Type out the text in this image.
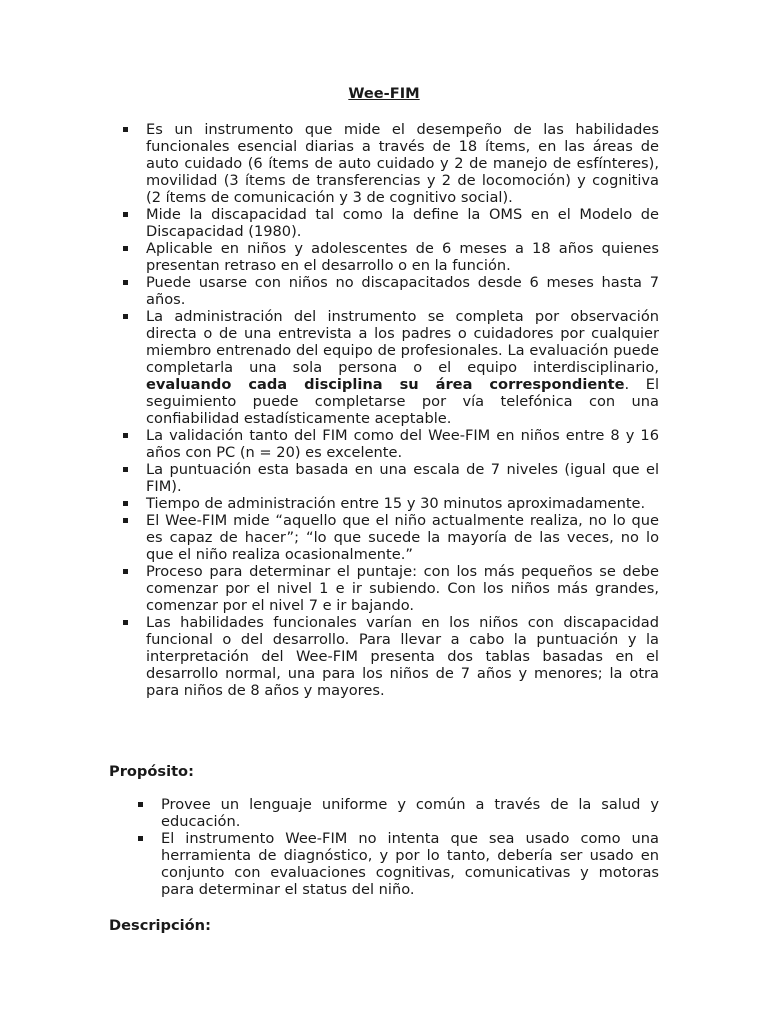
Wee-FIM
Es un instrumento que mide el desempeño de las habilidades funcionales esencial diarias a través de 18 ítems, en las áreas de auto cuidado (6 ítems de auto cuidado y 2 de manejo de esfínteres), movilidad (3 ítems de transferencias y 2 de locomoción) y cognitiva (2 ítems de comunicación y 3 de cognitivo social).
Mide la discapacidad tal como la define la OMS en el Modelo de Discapacidad (1980).
Aplicable en niños y adolescentes de 6 meses a 18 años quienes presentan retraso en el desarrollo o en la función.
Puede usarse con niños no discapacitados desde 6 meses hasta 7 años.
La administración del instrumento se completa por observación directa o de una entrevista a los padres o cuidadores por cualquier miembro entrenado del equipo de profesionales. La evaluación puede completarla una sola persona o el equipo interdisciplinario, evaluando cada disciplina su área correspondiente. El seguimiento puede completarse por vía telefónica con una confiabilidad estadísticamente aceptable.
La validación tanto del FIM como del Wee-FIM en niños entre 8 y 16 años con PC (n = 20) es excelente.
La puntuación esta basada en una escala de 7 niveles (igual que el FIM).
Tiempo de administración entre 15 y 30 minutos aproximadamente.
El Wee-FIM mide “aquello que el niño actualmente realiza, no lo que es capaz de hacer”; “lo que sucede la mayoría de las veces, no lo que el niño realiza ocasionalmente.”
Proceso para determinar el puntaje: con los más pequeños se debe comenzar por el nivel 1 e ir subiendo. Con los niños más grandes, comenzar por el nivel 7 e ir bajando.
Las habilidades funcionales varían en los niños con discapacidad funcional o del desarrollo. Para llevar a cabo la puntuación y la interpretación del Wee-FIM presenta dos tablas basadas en el desarrollo normal, una para los niños de 7 años y menores; la otra para niños de 8 años y mayores.
Propósito:
Provee un lenguaje uniforme y común a través de la salud y educación.
El instrumento Wee-FIM no intenta que sea usado como una herramienta de diagnóstico, y por lo tanto, debería ser usado en conjunto con evaluaciones cognitivas, comunicativas y motoras para determinar el status del niño.
Descripción:
